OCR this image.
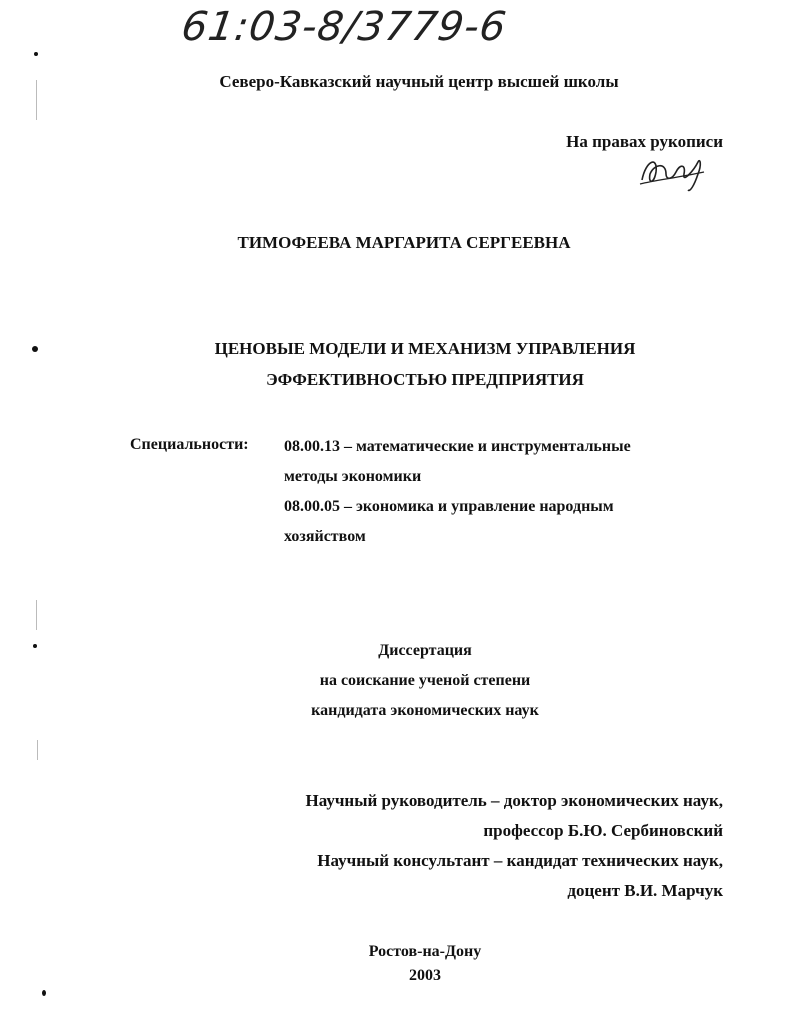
61:03-8/3779-6
Северо-Кавказский научный центр высшей школы
На правах рукописи
ТИМОФЕЕВА МАРГАРИТА СЕРГЕЕВНА
ЦЕНОВЫЕ МОДЕЛИ И МЕХАНИЗМ УПРАВЛЕНИЯ
ЭФФЕКТИВНОСТЬЮ ПРЕДПРИЯТИЯ
Специальности: 08.00.13 – математические и инструментальные
методы экономики
08.00.05 – экономика и управление народным
хозяйством
Диссертация
на соискание ученой степени
кандидата экономических наук
Научный руководитель – доктор экономических наук,
профессор Б.Ю. Сербиновский
Научный консультант – кандидат технических наук,
доцент В.И. Марчук
Ростов-на-Дону
2003
